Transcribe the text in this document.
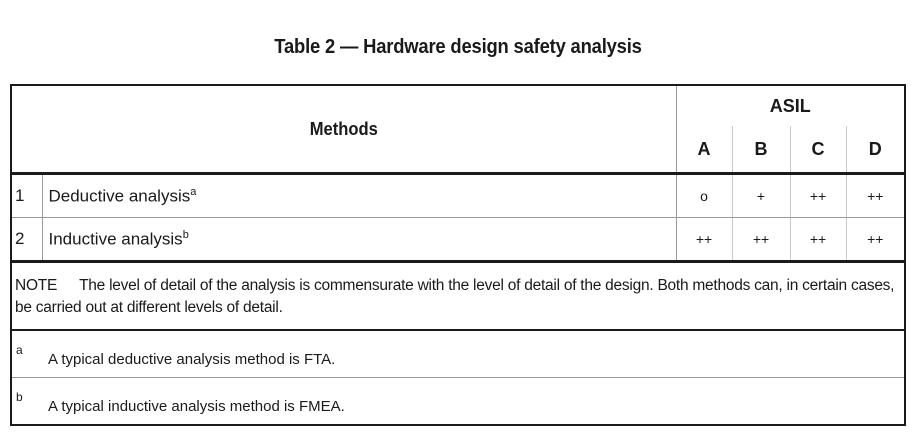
Table 2 — Hardware design safety analysis
Methods		ASIL			
		A	B	C	D
1	Deductive analysis$^a$	o	+	++	++
2	Inductive analysis$^b$	++	++	++	++
NOTE The level of detail of the analysis is commensurate with the level of detail of the design. Both methods can, in certain cases, be carried out at different levels of detail.
a
A typical deductive analysis method is FTA.
b
A typical inductive analysis method is FMEA.
